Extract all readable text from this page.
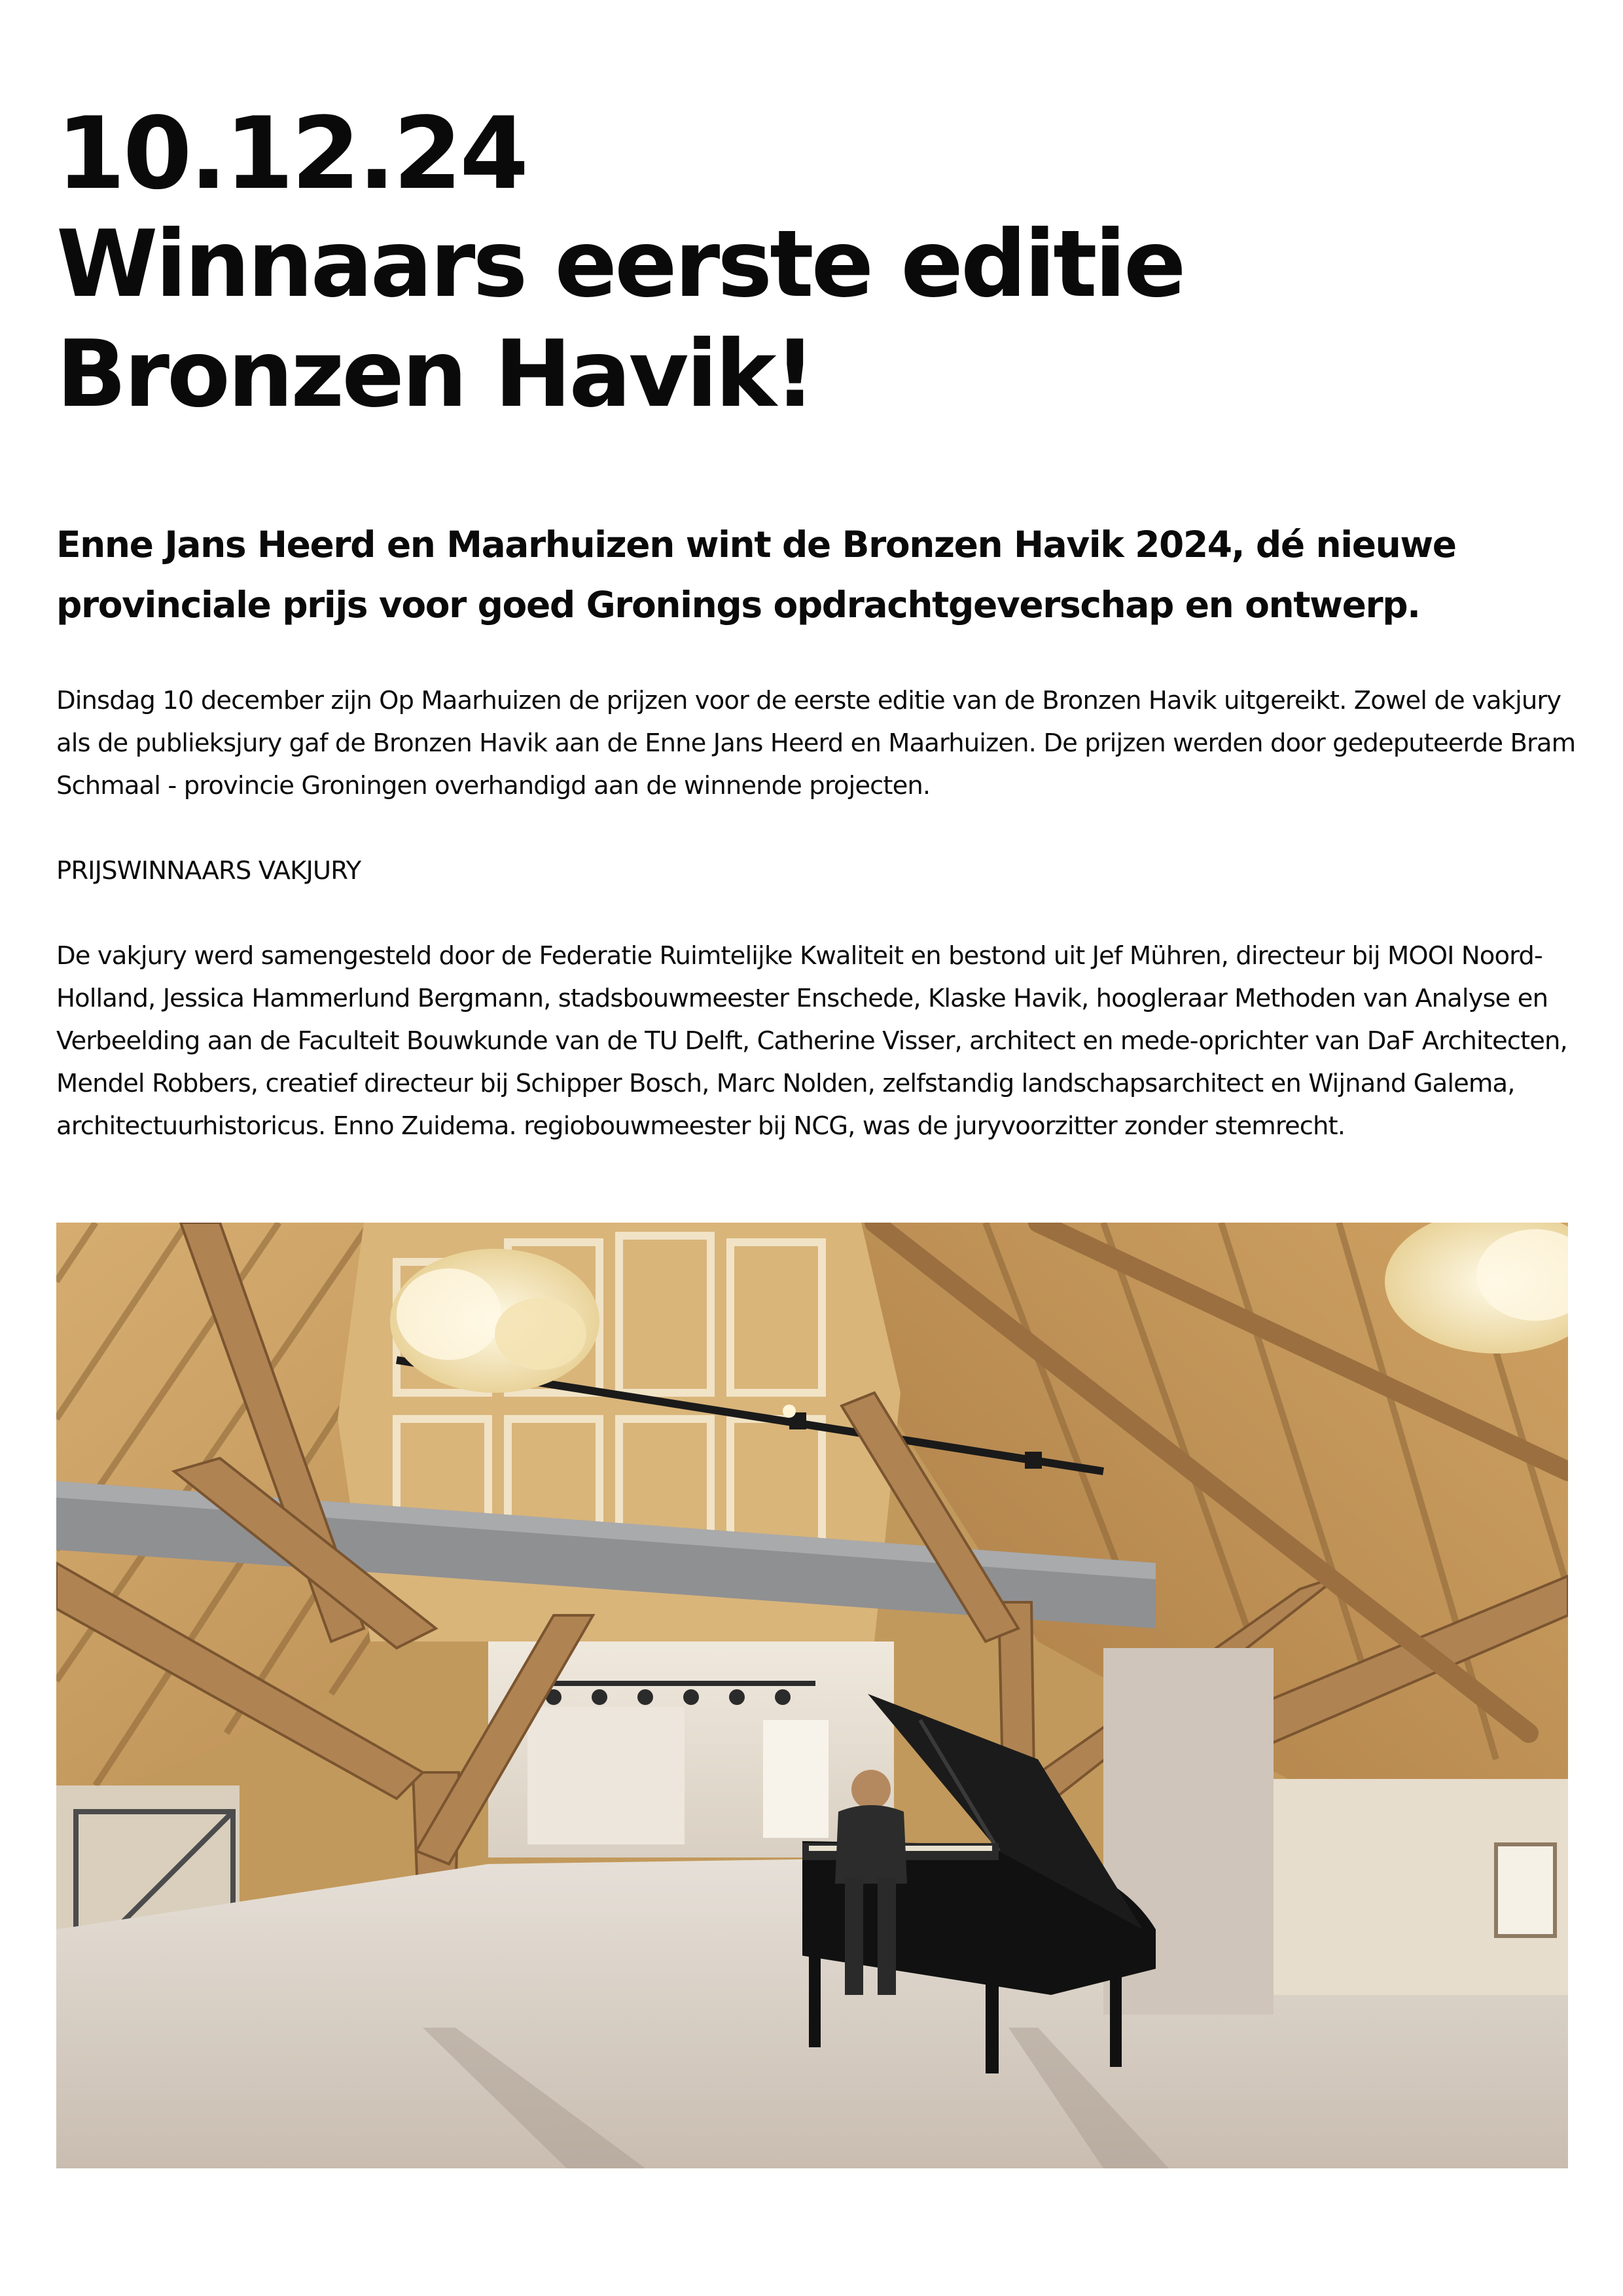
10.12.24
Winnaars eerste editie Bronzen Havik!

Enne Jans Heerd en Maarhuizen wint de Bronzen Havik 2024, dé nieuwe provinciale prijs voor goed Gronings opdrachtgeverschap en ontwerp.

Dinsdag 10 december zijn Op Maarhuizen de prijzen voor de eerste editie van de Bronzen Havik uitgereikt. Zowel de vakjury als de publieksjury gaf de Bronzen Havik aan de Enne Jans Heerd en Maarhuizen. De prijzen werden door gedeputeerde Bram Schmaal - provincie Groningen overhandigd aan de winnende projecten.

PRIJSWINNAARS VAKJURY

De vakjury werd samengesteld door de Federatie Ruimtelijke Kwaliteit en bestond uit Jef Mühren, directeur bij MOOI Noord-Holland, Jessica Hammerlund Bergmann, stadsbouwmeester Enschede, Klaske Havik, hoogleraar Methoden van Analyse en Verbeelding aan de Faculteit Bouwkunde van de TU Delft, Catherine Visser, architect en mede-oprichter van DaF Architecten, Mendel Robbers, creatief directeur bij Schipper Bosch, Marc Nolden, zelfstandig landschapsarchitect en Wijnand Galema, architectuurhistoricus. Enno Zuidema. regiobouwmeester bij NCG, was de juryvoorzitter zonder stemrecht.
